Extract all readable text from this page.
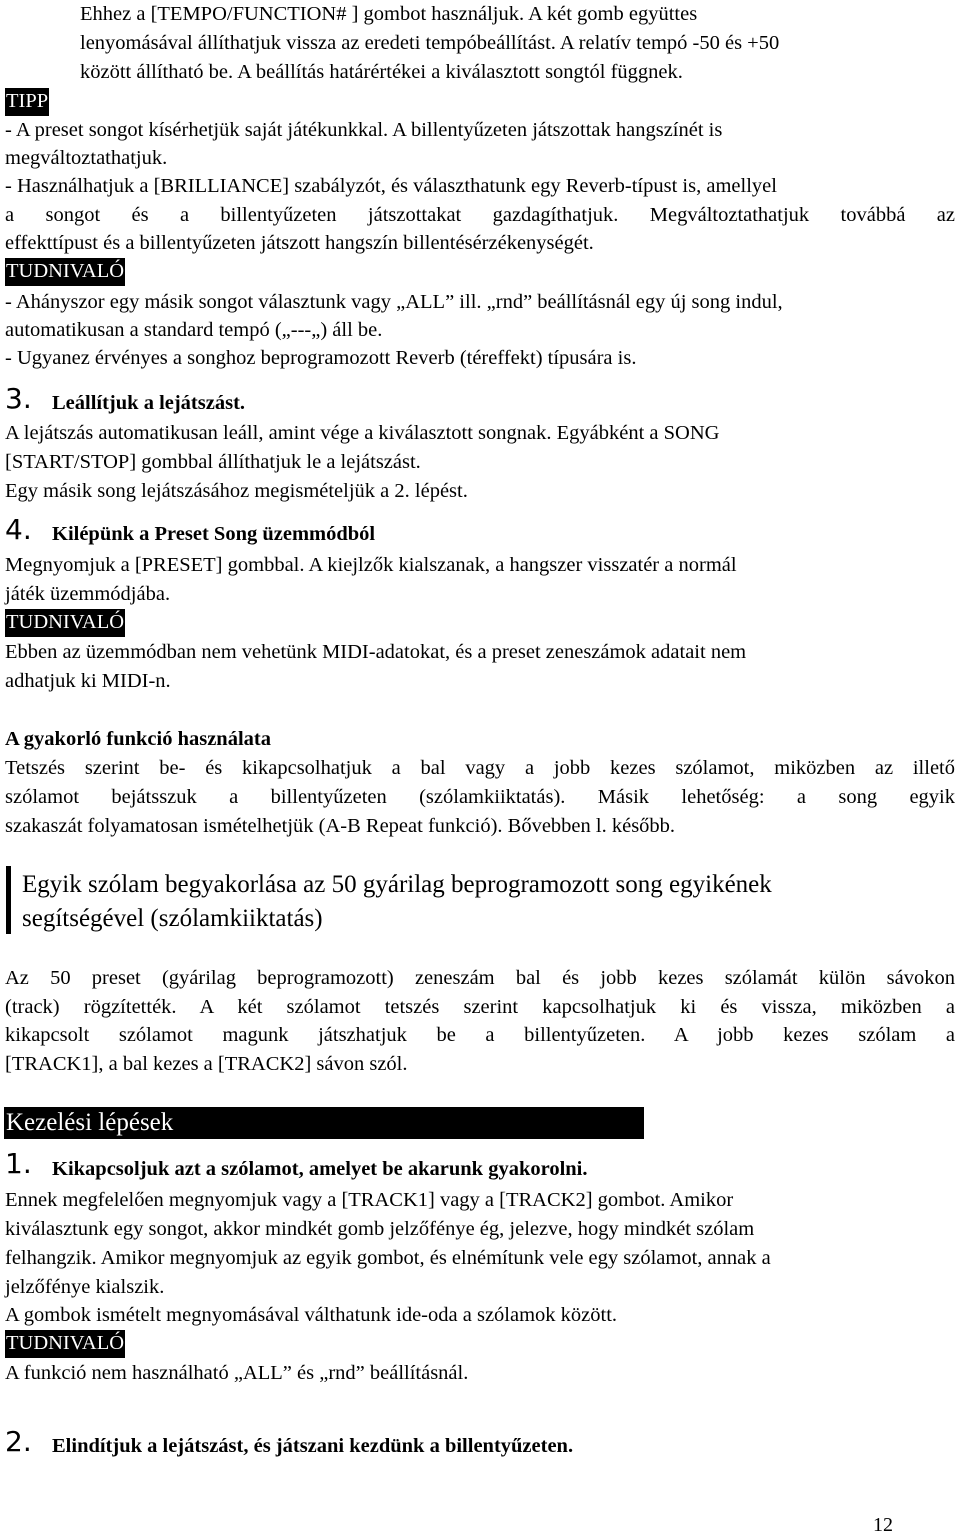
Ehhez a [TEMPO/FUNCTION# ] gombot használjuk. A két gomb együttes
lenyomásával állíthatjuk vissza az eredeti tempóbeállítást. A relatív tempó -50 és +50
között állítható be. A beállítás határértékei a kiválasztott songtól függnek.
TIPP
- A preset songot kísérhetjük saját játékunkkal. A billentyűzeten játszottak hangszínét is
megváltoztathatjuk.
- Használhatjuk a [BRILLIANCE] szabályzót, és választhatunk egy Reverb-típust is, amellyel
a songot és a billentyűzeten játszottakat gazdagíthatjuk. Megváltoztathatjuk továbbá az
effekttípust és a billentyűzeten játszott hangszín billentésérzékenységét.
TUDNIVALÓ
- Ahányszor egy másik songot választunk vagy „ALL” ill. „rnd” beállításnál egy új song indul,
automatikusan a standard tempó („---„) áll be.
- Ugyanez érvényes a songhoz beprogramozott Reverb (téreffekt) típusára is.
3. Leállítjuk a lejátszást.
A lejátszás automatikusan leáll, amint vége a kiválasztott songnak. Egyábként a SONG
[START/STOP] gombbal állíthatjuk le a lejátszást.
Egy másik song lejátszásához megismételjük a 2. lépést.
4. Kilépünk a Preset Song üzemmódból
Megnyomjuk a [PRESET] gombbal. A kiejlzők kialszanak, a hangszer visszatér a normál
játék üzemmódjába.
TUDNIVALÓ
Ebben az üzemmódban nem vehetünk MIDI-adatokat, és a preset zeneszámok adatait nem
adhatjuk ki MIDI-n.
A gyakorló funkció használata
Tetszés szerint be- és kikapcsolhatjuk a bal vagy a jobb kezes szólamot, miközben az illető
szólamot bejátsszuk a billentyűzeten (szólamkiiktatás). Másik lehetőség: a song egyik
szakaszát folyamatosan ismételhetjük (A-B Repeat funkció). Bővebben l. később.
Egyik szólam begyakorlása az 50 gyárilag beprogramozott song egyikének
segítségével (szólamkiiktatás)
Az 50 preset (gyárilag beprogramozott) zeneszám bal és jobb kezes szólamát külön sávokon
(track) rögzítették. A két szólamot tetszés szerint kapcsolhatjuk ki és vissza, miközben a
kikapcsolt szólamot magunk játszhatjuk be a billentyűzeten. A jobb kezes szólam a
[TRACK1], a bal kezes a [TRACK2] sávon szól.
Kezelési lépések
1. Kikapcsoljuk azt a szólamot, amelyet be akarunk gyakorolni.
Ennek megfelelően megnyomjuk vagy a [TRACK1] vagy a [TRACK2] gombot. Amikor
kiválasztunk egy songot, akkor mindkét gomb jelzőfénye ég, jelezve, hogy mindkét szólam
felhangzik. Amikor megnyomjuk az egyik gombot, és elnémítunk vele egy szólamot, annak a
jelzőfénye kialszik.
A gombok ismételt megnyomásával válthatunk ide-oda a szólamok között.
TUDNIVALÓ
A funkció nem használható „ALL” és „rnd” beállításnál.
2. Elindítjuk a lejátszást, és játszani kezdünk a billentyűzeten.
12
